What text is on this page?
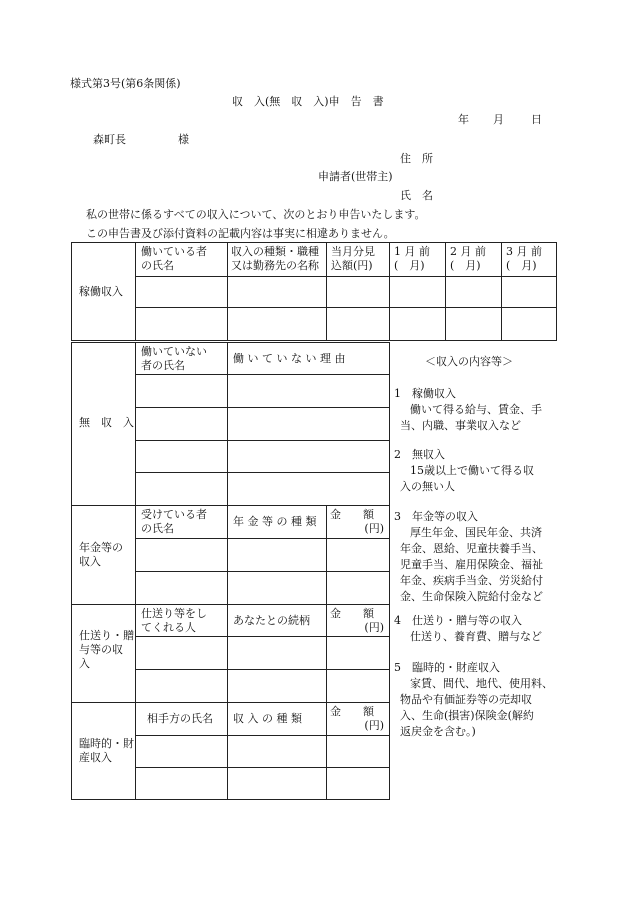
様式第3号(第6条関係)
収　入(無　収　入)申　告　書
年 月 日
森町長	様
住　所
申請者(世帯主)
氏　名
私の世帯に係るすべての収入について、次のとおり申告いたします。
この申告書及び添付資料の記載内容は事実に相違ありません。
稼働収入
働いている者
の氏名
収入の種類・職種
又は勤務先の名称
当月分見
込額(円)
1 月 前
(　月)
2 月 前
(　月)
3 月 前
(　月)
無　収　入
働いていない
者の氏名
働 い て い な い 理 由
年金等の
収入
受けている者
の氏名
年 金 等 の 種 類
金　　額
(円)
仕送り・贈
与等の収
入
仕送り等をし
てくれる人
あなたとの続柄
金　　額
(円)
臨時的・財
産収入
相手方の氏名 収 入 の 種 類
金　　額
(円)
＜収入の内容等＞
1　稼働収入
働いて得る給与、賃金、手
当、内職、事業収入など
2　無収入
15歳以上で働いて得る収
入の無い人
3　年金等の収入
厚生年金、国民年金、共済
年金、恩給、児童扶養手当、
児童手当、雇用保険金、福祉
年金、疾病手当金、労災給付
金、生命保険入院給付金など
4　仕送り・贈与等の収入
仕送り、養育費、贈与など
5　臨時的・財産収入
家賃、間代、地代、使用料、
物品や有価証券等の売却収
入、生命(損害)保険金(解約
返戻金を含む。)
